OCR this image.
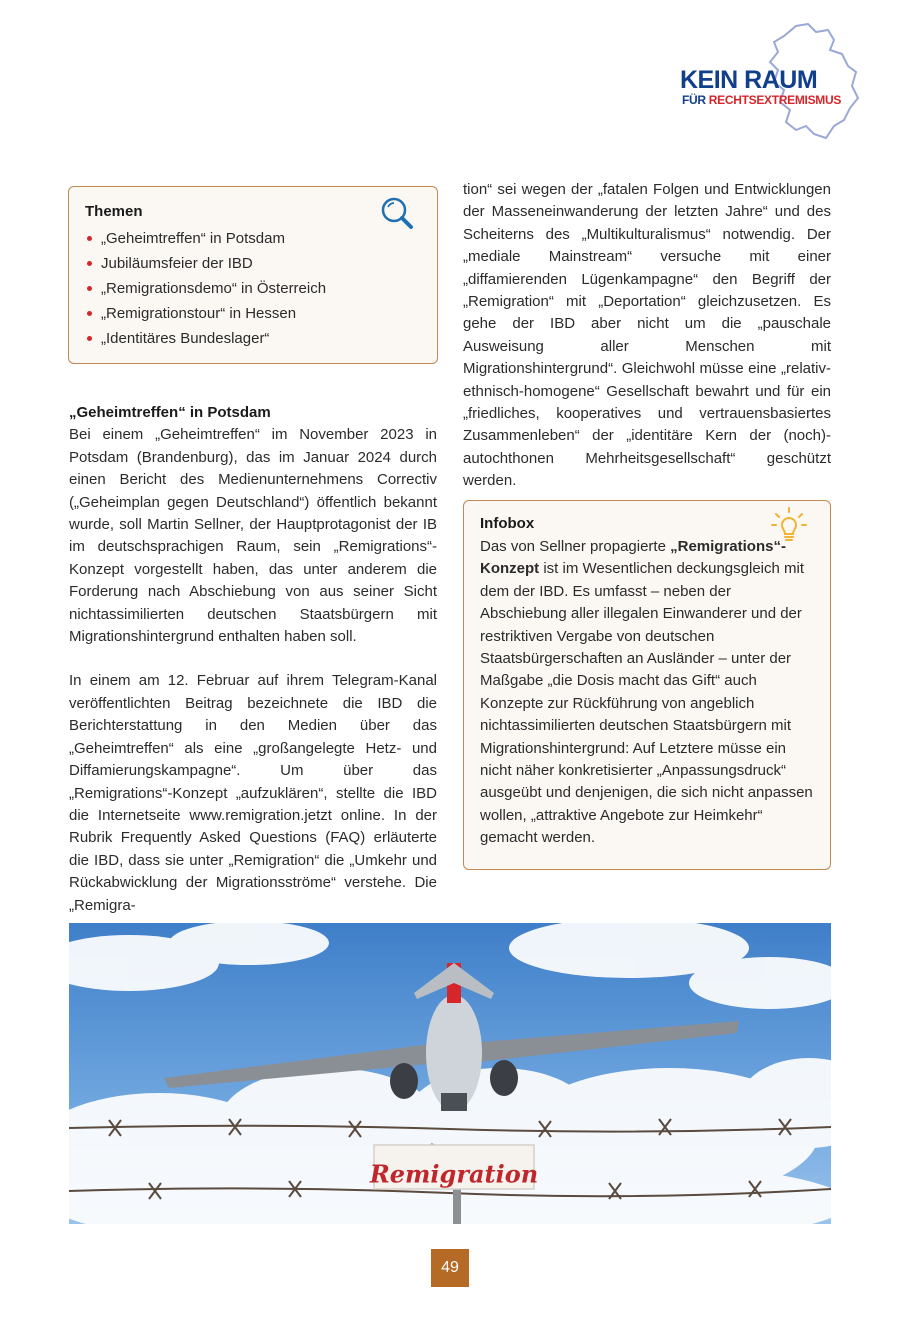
KEIN RAUM
FÜR RECHTSEXTREMISMUS
Themen
„Geheimtreffen“ in Potsdam
Jubiläumsfeier der IBD
„Remigrationsdemo“ in Österreich
„Remigrationstour“ in Hessen
„Identitäres Bundeslager“
„Geheimtreffen“ in Potsdam

Bei einem „Geheimtreffen“ im November 2023 in Potsdam (Brandenburg), das im Januar 2024 durch einen Bericht des Medienunternehmens Correctiv („Geheimplan gegen Deutschland“) öffentlich bekannt wurde, soll Martin Sellner, der Hauptprotagonist der IB im deutschsprachigen Raum, sein „Remigrations“-Konzept vorgestellt haben, das unter anderem die Forderung nach Abschiebung von aus seiner Sicht nichtassimilierten deutschen Staatsbürgern mit Migrationshintergrund enthalten haben soll.

In einem am 12. Februar auf ihrem Telegram-Kanal veröffentlichten Beitrag bezeichnete die IBD die Berichterstattung in den Medien über das „Geheimtreffen“ als eine „großangelegte Hetz- und Diffamierungskampagne“. Um über das „Remigrations“-Konzept „aufzuklären“, stellte die IBD die Internetseite www.remigration.jetzt online. In der Rubrik Frequently Asked Questions (FAQ) erläuterte die IBD, dass sie unter „Remigration“ die „Umkehr und Rückabwicklung der Migrationsströme“ verstehe. Die „Remigra-

tion“ sei wegen der „fatalen Folgen und Entwicklungen der Masseneinwanderung der letzten Jahre“ und des Scheiterns des „Multikulturalismus“ notwendig. Der „mediale Mainstream“ versuche mit einer „diffamierenden Lügenkampagne“ den Begriff der „Remigration“ mit „Deportation“ gleichzusetzen. Es gehe der IBD aber nicht um die „pauschale Ausweisung aller Menschen mit Migrationshintergrund“. Gleichwohl müsse eine „relativ-ethnisch-homogene“ Gesellschaft bewahrt und für ein „friedliches, kooperatives und vertrauensbasiertes Zusammenleben“ der „identitäre Kern der (noch)-autochthonen Mehrheitsgesellschaft“ geschützt werden.

Infobox

Das von Sellner propagierte „Remigrations“-Konzept ist im Wesentlichen deckungsgleich mit dem der IBD. Es umfasst – neben der Abschiebung aller illegalen Einwanderer und der restriktiven Vergabe von deutschen Staatsbürgerschaften an Ausländer – unter der Maßgabe „die Dosis macht das Gift“ auch Konzepte zur Rückführung von angeblich nichtassimilierten deutschen Staatsbürgern mit Migrationshintergrund: Auf Letztere müsse ein nicht näher konkretisierter „Anpassungsdruck“ ausgeübt und denjenigen, die sich nicht anpassen wollen, „attraktive Angebote zur Heimkehr“ gemacht werden.

Remigration
49
